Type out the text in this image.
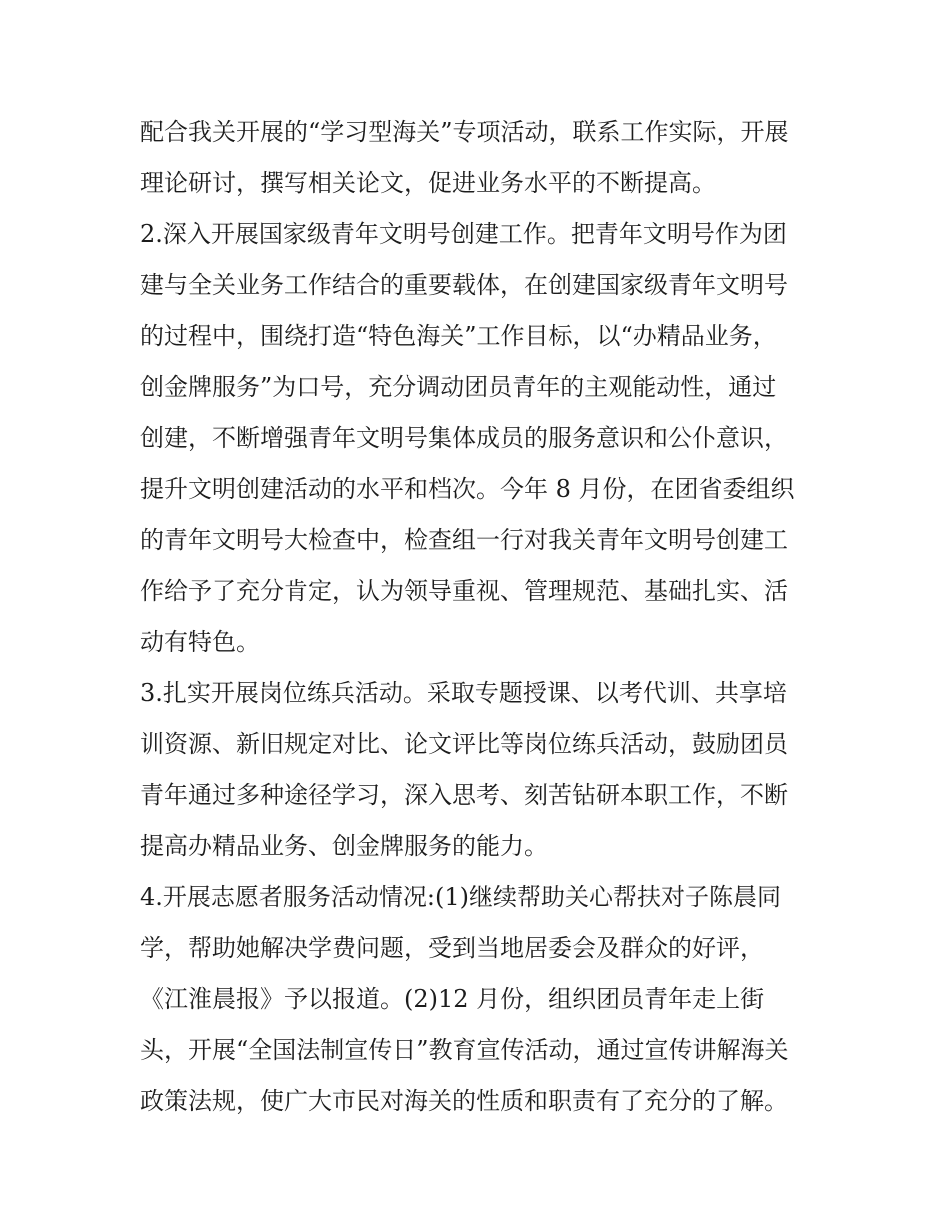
配合我关开展的“学习型海关”专项活动，联系工作实际，开展
理论研讨，撰写相关论文，促进业务水平的不断提高。
2.深入开展国家级青年文明号创建工作。把青年文明号作为团
建与全关业务工作结合的重要载体，在创建国家级青年文明号
的过程中，围绕打造“特色海关”工作目标，以“办精品业务，
创金牌服务”为口号，充分调动团员青年的主观能动性，通过
创建，不断增强青年文明号集体成员的服务意识和公仆意识，
提升文明创建活动的水平和档次。今年 8 月份，在团省委组织
的青年文明号大检查中，检查组一行对我关青年文明号创建工
作给予了充分肯定，认为领导重视、管理规范、基础扎实、活
动有特色。
3.扎实开展岗位练兵活动。采取专题授课、以考代训、共享培
训资源、新旧规定对比、论文评比等岗位练兵活动，鼓励团员
青年通过多种途径学习，深入思考、刻苦钻研本职工作，不断
提高办精品业务、创金牌服务的能力。
4.开展志愿者服务活动情况:(1)继续帮助关心帮扶对子陈晨同
学，帮助她解决学费问题，受到当地居委会及群众的好评，
《江淮晨报》予以报道。(2)12 月份，组织团员青年走上街
头，开展“全国法制宣传日”教育宣传活动，通过宣传讲解海关
政策法规，使广大市民对海关的性质和职责有了充分的了解。
